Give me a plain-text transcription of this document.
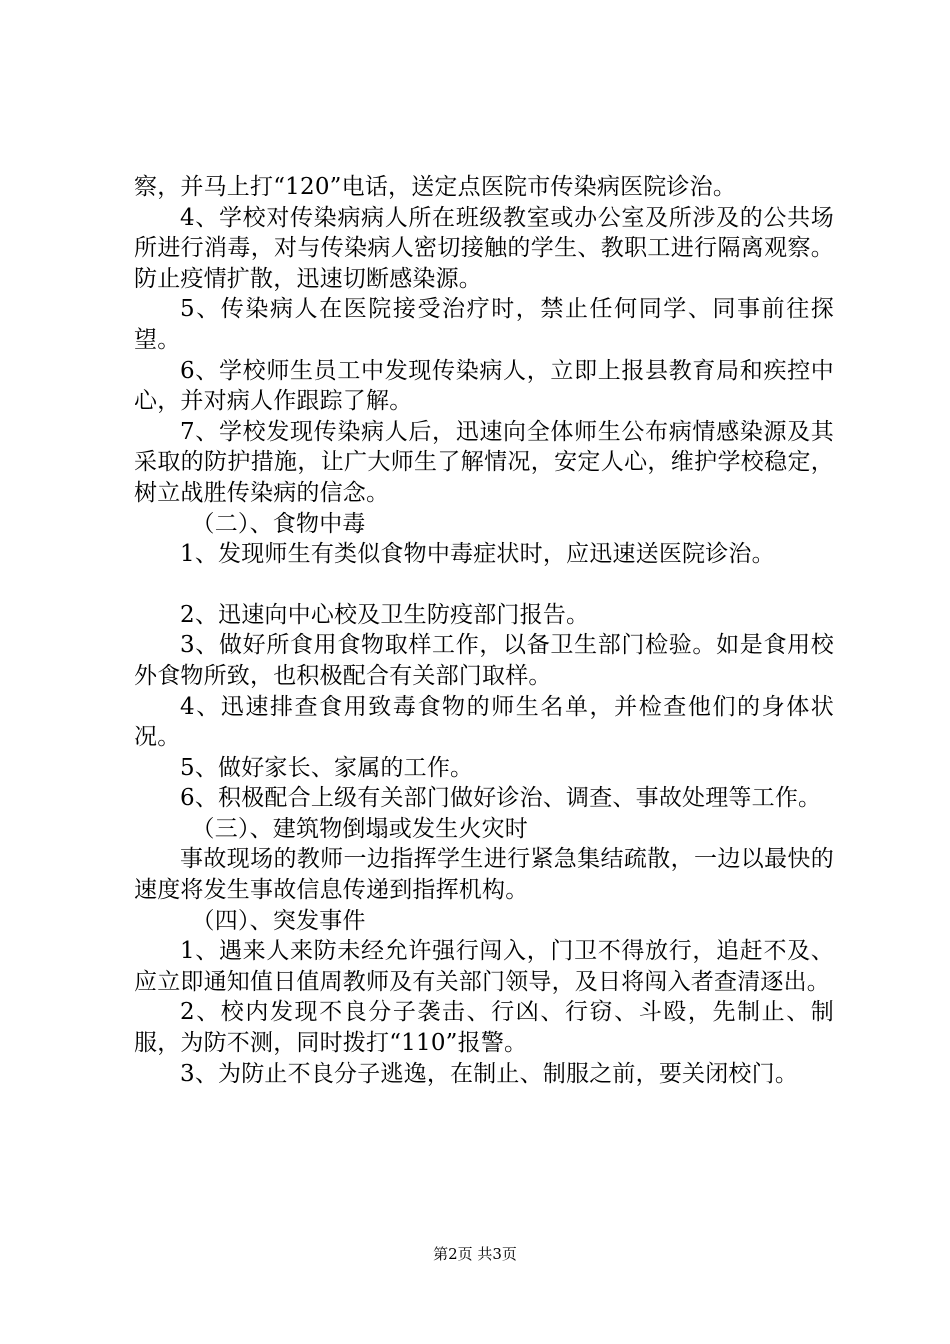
察，并马上打“120”电话，送定点医院市传染病医院诊治。

4、学校对传染病病人所在班级教室或办公室及所涉及的公共场所进行消毒，对与传染病人密切接触的学生、教职工进行隔离观察。防止疫情扩散，迅速切断感染源。

5、传染病人在医院接受治疗时，禁止任何同学、同事前往探望。

6、学校师生员工中发现传染病人，立即上报县教育局和疾控中心，并对病人作跟踪了解。

7、学校发现传染病人后，迅速向全体师生公布病情感染源及其采取的防护措施，让广大师生了解情况，安定人心，维护学校稳定，树立战胜传染病的信念。

（二）、食物中毒

1、发现师生有类似食物中毒症状时，应迅速送医院诊治。

2、迅速向中心校及卫生防疫部门报告。

3、做好所食用食物取样工作，以备卫生部门检验。如是食用校外食物所致，也积极配合有关部门取样。

4、迅速排查食用致毒食物的师生名单，并检查他们的身体状况。

5、做好家长、家属的工作。

6、积极配合上级有关部门做好诊治、调查、事故处理等工作。

（三）、建筑物倒塌或发生火灾时

事故现场的教师一边指挥学生进行紧急集结疏散，一边以最快的速度将发生事故信息传递到指挥机构。

（四）、突发事件

1、遇来人来防未经允许强行闯入，门卫不得放行，追赶不及、应立即通知值日值周教师及有关部门领导，及日将闯入者查清逐出。

2、校内发现不良分子袭击、行凶、行窃、斗殴，先制止、制服，为防不测，同时拨打“110”报警。

3、为防止不良分子逃逸，在制止、制服之前，要关闭校门。

第2页 共3页
